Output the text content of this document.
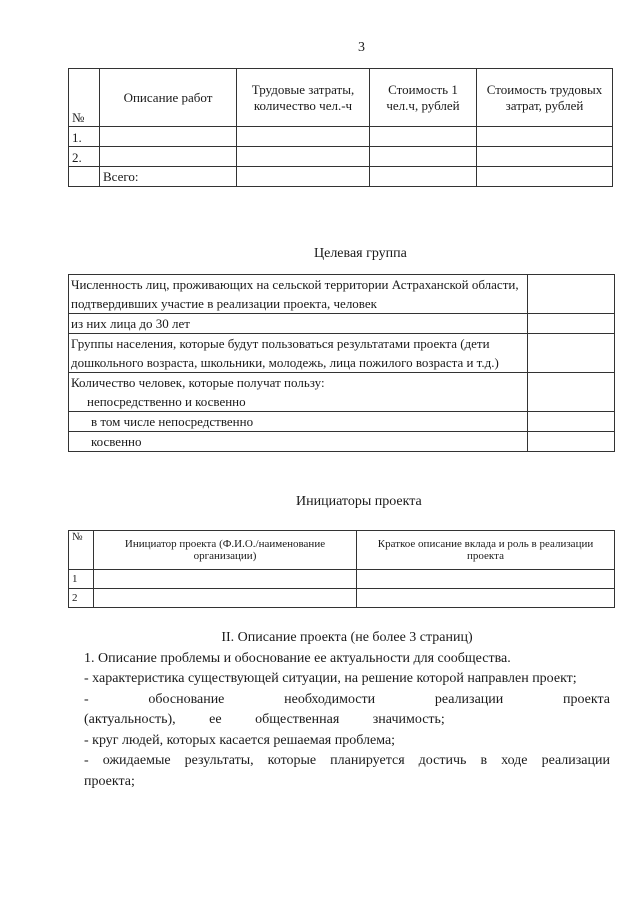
3
№	Описание работ	Трудовые затраты, количество чел.-ч	Стоимость 1 чел.ч, рублей	Стоимость трудовых затрат, рублей
1.				
2.				
	Всего:			
Целевая группа
Численность лиц, проживающих на сельской территории Астраханской области, подтвердивших участие в реализации проекта, человек	
из них лица до 30 лет	
Группы населения, которые будут пользоваться результатами проекта (дети дошкольного возраста, школьники, молодежь, лица пожилого возраста и т.д.)	

Количество человек, которые получат пользу:
непосредственно и косвенно	

в том числе непосредственно	
косвенно	
Инициаторы проекта
№	Инициатор проекта (Ф.И.О./наименование организации)	Краткое описание вклада и роль в реализации проекта
1		
2		

II. Описание проекта (не более 3 страниц)

1. Описание проблемы и обоснование ее актуальности для сообщества.

- характеристика существующей ситуации, на решение которой направлен проект;

- обоснование необходимости реализации проекта (актуальность), ее общественная значимость;

- круг людей, которых касается решаемая проблема;

- ожидаемые результаты, которые планируется достичь в ходе реализации проекта;
